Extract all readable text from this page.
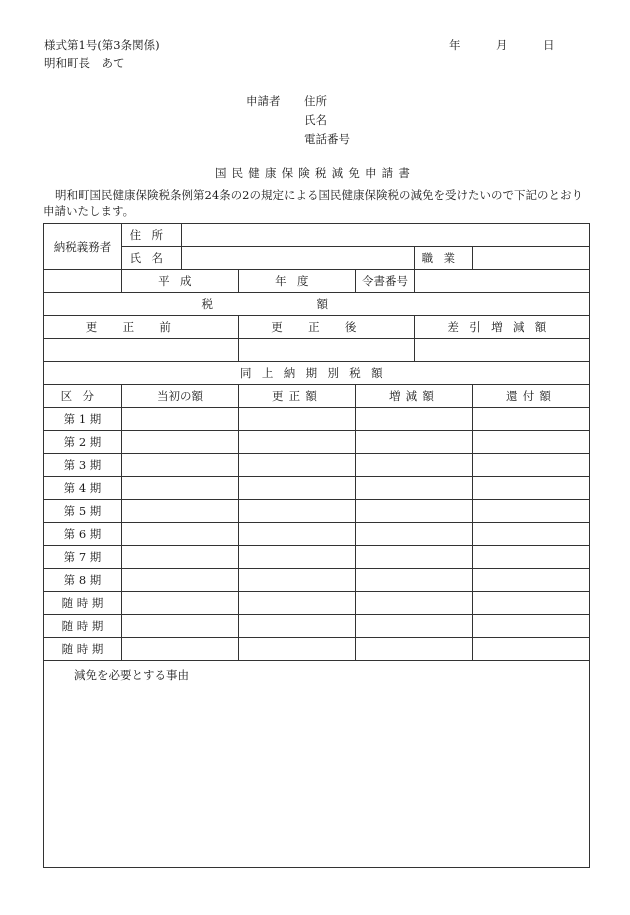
様式第1号(第3条関係)
明和町長　あて
年	月	日
申請者 住所
氏名
電話番号
国民健康保険税減免申請書
明和町国民健康保険税条例第24条の2の規定による国民健康保険税の減免を受けたいので下記のとおり申請いたします。
納税義務者	住所					
	氏名				職業	
	平成		年度	令書番号		
税額						
更正前			更正後		差引増減額	

同上納期別税額						
区分	当初の額		更正額	増減額		還付額
第 1 期						
第 2 期						
第 3 期						
第 4 期						
第 5 期						
第 6 期						
第 7 期						
第 8 期						
随 時 期						
随 時 期						
随 時 期						

減免を必要とする事由						
